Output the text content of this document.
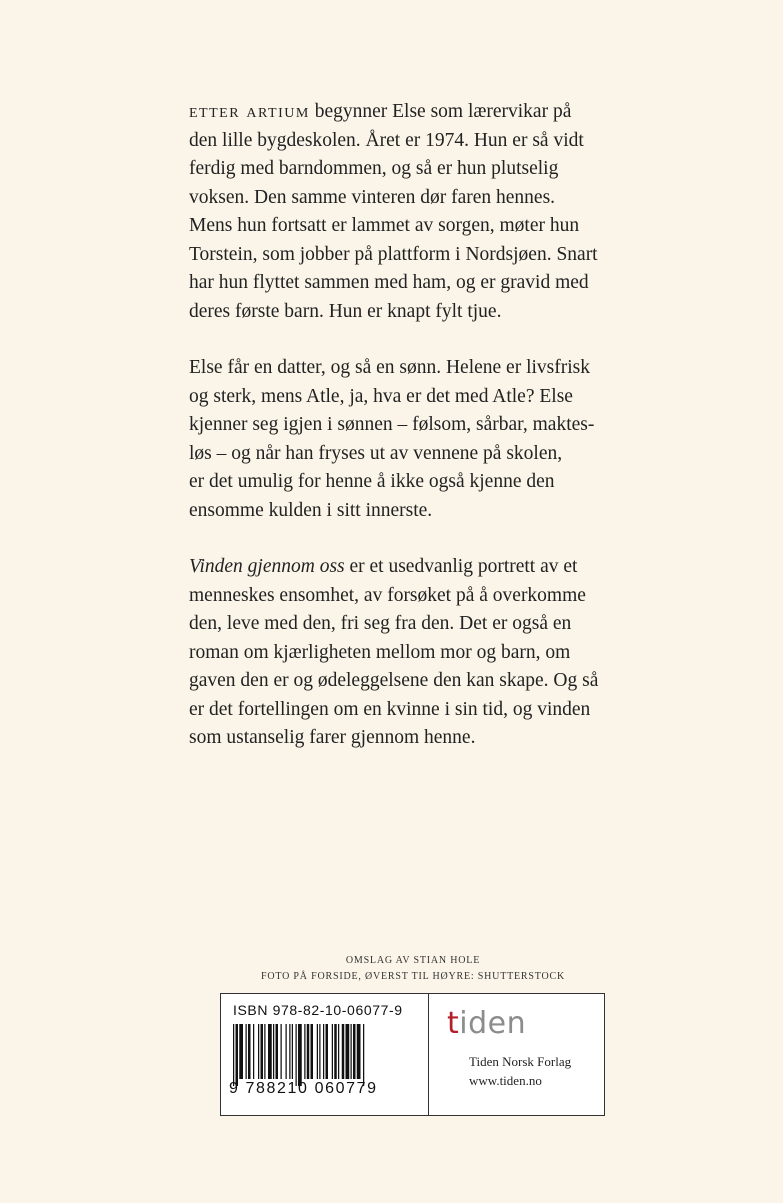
etter artium begynner Else som lærervikar på
den lille bygdeskolen. Året er 1974. Hun er så vidt
ferdig med barndommen, og så er hun plutselig
voksen. Den samme vinteren dør faren hennes.
Mens hun fortsatt er lammet av sorgen, møter hun
Torstein, som jobber på plattform i Nordsjøen. Snart
har hun flyttet sammen med ham, og er gravid med
deres første barn. Hun er knapt fylt tjue.

Else får en datter, og så en sønn. Helene er livsfrisk
og sterk, mens Atle, ja, hva er det med Atle? Else
kjenner seg igjen i sønnen – følsom, sårbar, maktes-
løs – og når han fryses ut av vennene på skolen,
er det umulig for henne å ikke også kjenne den
ensomme kulden i sitt innerste.

Vinden gjennom oss er et usedvanlig portrett av et
menneskes ensomhet, av forsøket på å overkomme
den, leve med den, fri seg fra den. Det er også en
roman om kjærligheten mellom mor og barn, om
gaven den er og ødeleggelsene den kan skape. Og så
er det fortellingen om en kvinne i sin tid, og vinden
som ustanselig farer gjennom henne.

OMSLAG AV STIAN HOLE
FOTO PÅ FORSIDE, ØVERST TIL HØYRE: SHUTTERSTOCK
ISBN 978-82-10-06077-9
9 788210 060779
tiden
Tiden Norsk Forlag
www.tiden.no
